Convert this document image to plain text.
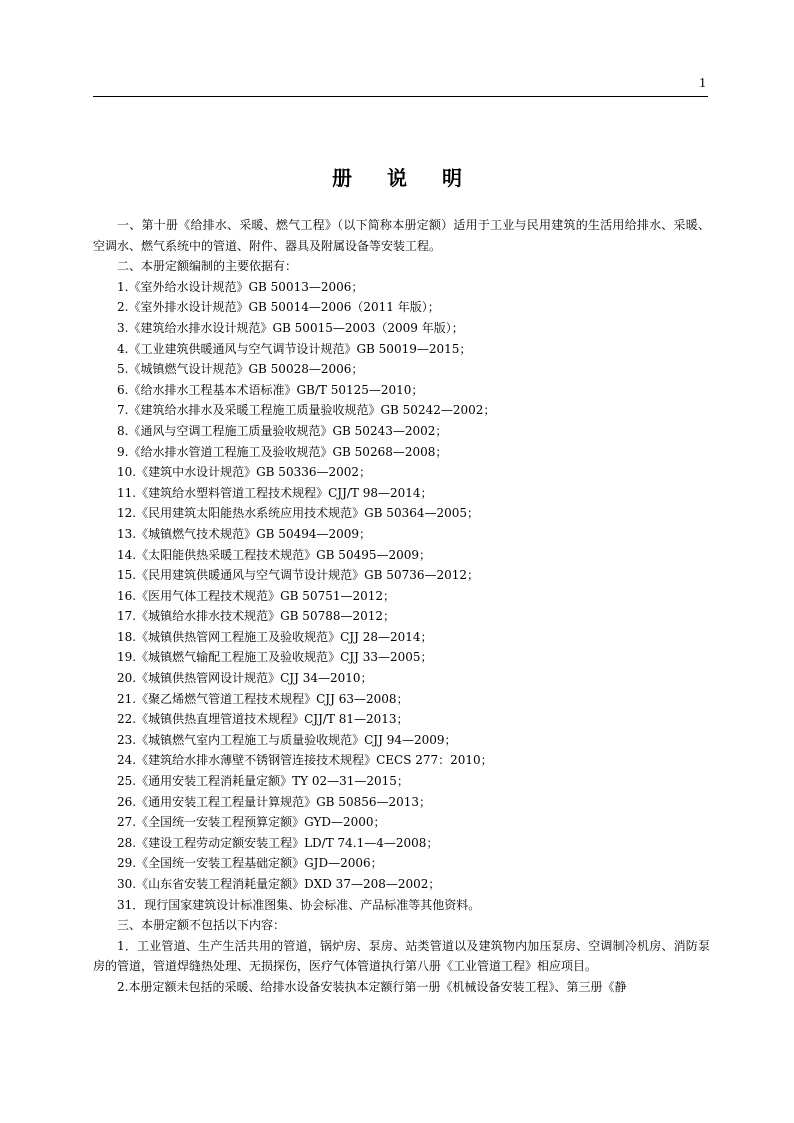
1
册 说 明

一、第十册《给排水、采暖、燃气工程》（以下简称本册定额）适用于工业与民用建筑的生活用给排水、采暖、空调水、燃气系统中的管道、附件、器具及附属设备等安装工程。

二、本册定额编制的主要依据有：

1.《室外给水设计规范》GB 50013—2006；

2.《室外排水设计规范》GB 50014—2006（2011 年版）；

3.《建筑给水排水设计规范》GB 50015—2003（2009 年版）；

4.《工业建筑供暖通风与空气调节设计规范》GB 50019—2015；

5.《城镇燃气设计规范》GB 50028—2006；

6.《给水排水工程基本术语标准》GB/T 50125—2010；

7.《建筑给水排水及采暖工程施工质量验收规范》GB 50242—2002；

8.《通风与空调工程施工质量验收规范》GB 50243—2002；

9.《给水排水管道工程施工及验收规范》GB 50268—2008；

10.《建筑中水设计规范》GB 50336—2002；

11.《建筑给水塑料管道工程技术规程》CJJ/T 98—2014；

12.《民用建筑太阳能热水系统应用技术规范》GB 50364—2005；

13.《城镇燃气技术规范》GB 50494—2009；

14.《太阳能供热采暖工程技术规范》GB 50495—2009；

15.《民用建筑供暖通风与空气调节设计规范》GB 50736—2012；

16.《医用气体工程技术规范》GB 50751—2012；

17.《城镇给水排水技术规范》GB 50788—2012；

18.《城镇供热管网工程施工及验收规范》CJJ 28—2014；

19.《城镇燃气输配工程施工及验收规范》CJJ 33—2005；

20.《城镇供热管网设计规范》CJJ 34—2010；

21.《聚乙烯燃气管道工程技术规程》CJJ 63—2008；

22.《城镇供热直埋管道技术规程》CJJ/T 81—2013；

23.《城镇燃气室内工程施工与质量验收规范》CJJ 94—2009；

24.《建筑给水排水薄壁不锈钢管连接技术规程》CECS 277：2010；

25.《通用安装工程消耗量定额》TY 02—31—2015；

26.《通用安装工程工程量计算规范》GB 50856—2013；

27.《全国统一安装工程预算定额》GYD—2000；

28.《建设工程劳动定额安装工程》LD/T 74.1—4—2008；

29.《全国统一安装工程基础定额》GJD—2006；

30.《山东省安装工程消耗量定额》DXD 37—208—2002；

31．现行国家建筑设计标准图集、协会标准、产品标准等其他资料。

三、本册定额不包括以下内容：

1．工业管道、生产生活共用的管道，锅炉房、泵房、站类管道以及建筑物内加压泵房、空调制冷机房、消防泵房的管道，管道焊缝热处理、无损探伤，医疗气体管道执行第八册《工业管道工程》相应项目。

2.本册定额未包括的采暖、给排水设备安装执本定额行第一册《机械设备安装工程》、第三册《静
